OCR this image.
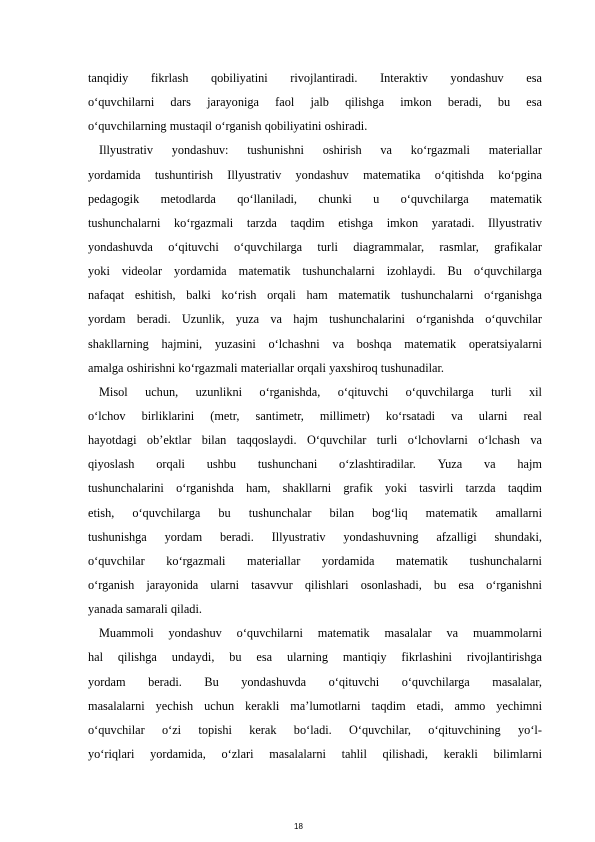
tanqidiy fikrlash qobiliyatini rivojlantiradi. Interaktiv yondashuv esa
o‘quvchilarni dars jarayoniga faol jalb qilishga imkon beradi, bu esa
o‘quvchilarning mustaqil o‘rganish qobiliyatini oshiradi.
Illyustrativ yondashuv: tushunishni oshirish va ko‘rgazmali materiallar
yordamida tushuntirish Illyustrativ yondashuv matematika o‘qitishda ko‘pgina
pedagogik metodlarda qo‘llaniladi, chunki u o‘quvchilarga matematik
tushunchalarni ko‘rgazmali tarzda taqdim etishga imkon yaratadi. Illyustrativ
yondashuvda o‘qituvchi o‘quvchilarga turli diagrammalar, rasmlar, grafikalar
yoki videolar yordamida matematik tushunchalarni izohlaydi. Bu o‘quvchilarga
nafaqat eshitish, balki ko‘rish orqali ham matematik tushunchalarni o‘rganishga
yordam beradi. Uzunlik, yuza va hajm tushunchalarini o‘rganishda o‘quvchilar
shakllarning hajmini, yuzasini o‘lchashni va boshqa matematik operatsiyalarni
amalga oshirishni ko‘rgazmali materiallar orqali yaxshiroq tushunadilar.
Misol uchun, uzunlikni o‘rganishda, o‘qituvchi o‘quvchilarga turli xil
o‘lchov birliklarini (metr, santimetr, millimetr) ko‘rsatadi va ularni real
hayotdagi ob’ektlar bilan taqqoslaydi. O‘quvchilar turli o‘lchovlarni o‘lchash va
qiyoslash orqali ushbu tushunchani o‘zlashtiradilar. Yuza va hajm
tushunchalarini o‘rganishda ham, shakllarni grafik yoki tasvirli tarzda taqdim
etish, o‘quvchilarga bu tushunchalar bilan bog‘liq matematik amallarni
tushunishga yordam beradi. Illyustrativ yondashuvning afzalligi shundaki,
o‘quvchilar ko‘rgazmali materiallar yordamida matematik tushunchalarni
o‘rganish jarayonida ularni tasavvur qilishlari osonlashadi, bu esa o‘rganishni
yanada samarali qiladi.
Muammoli yondashuv o‘quvchilarni matematik masalalar va muammolarni
hal qilishga undaydi, bu esa ularning mantiqiy fikrlashini rivojlantirishga
yordam beradi. Bu yondashuvda o‘qituvchi o‘quvchilarga masalalar,
masalalarni yechish uchun kerakli ma’lumotlarni taqdim etadi, ammo yechimni
o‘quvchilar o‘zi topishi kerak bo‘ladi. O‘quvchilar, o‘qituvchining yo‘l-
yo‘riqlari yordamida, o‘zlari masalalarni tahlil qilishadi, kerakli bilimlarni
18
